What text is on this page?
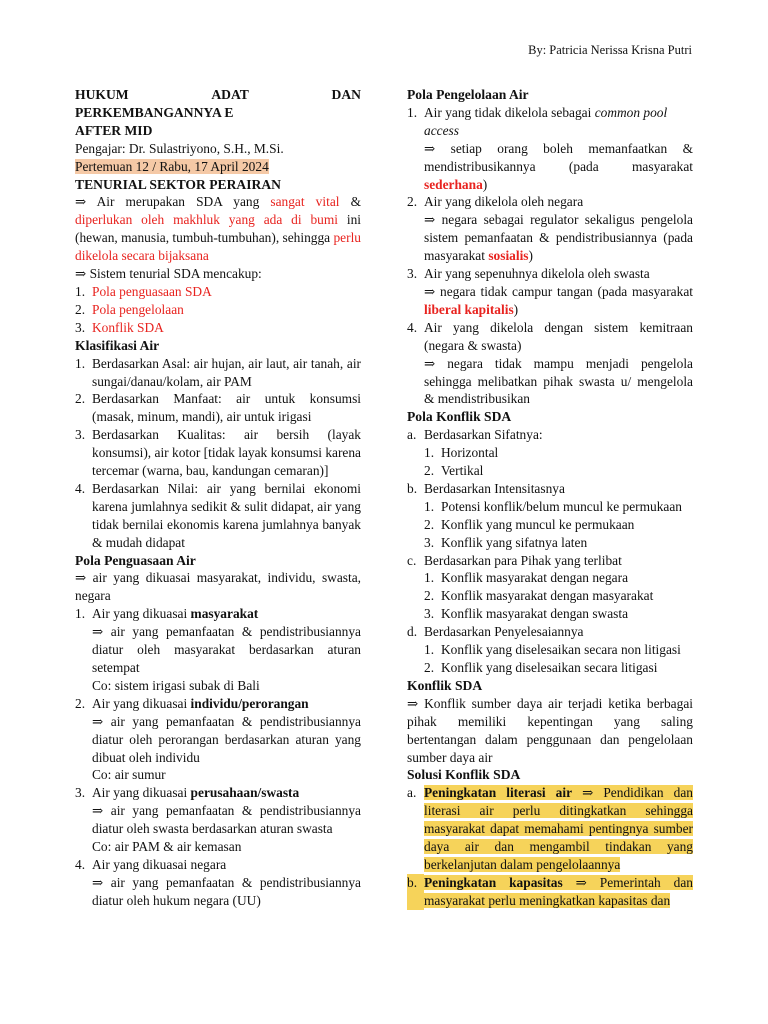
By: Patricia Nerissa Krisna Putri
HUKUM	ADAT	DAN
PERKEMBANGANNYA E
AFTER MID
Pengajar: Dr. Sulastriyono, S.H., M.Si.
Pertemuan 12 / Rabu, 17 April 2024
TENURIAL SEKTOR PERAIRAN
⇒ Air merupakan SDA yang sangat vital & diperlukan oleh makhluk yang ada di bumi ini (hewan, manusia, tumbuh-tumbuhan), sehingga perlu dikelola secara bijaksana
⇒ Sistem tenurial SDA mencakup:
1. Pola penguasaan SDA
2. Pola pengelolaan
3. Konflik SDA
Klasifikasi Air
1. Berdasarkan Asal: air hujan, air laut, air tanah, air sungai/danau/kolam, air PAM
2. Berdasarkan Manfaat: air untuk konsumsi (masak, minum, mandi), air untuk irigasi
3. Berdasarkan Kualitas: air bersih (layak konsumsi), air kotor [tidak layak konsumsi karena tercemar (warna, bau, kandungan cemaran)]
4. Berdasarkan Nilai: air yang bernilai ekonomi karena jumlahnya sedikit & sulit didapat, air yang tidak bernilai ekonomis karena jumlahnya banyak & mudah didapat
Pola Penguasaan Air
⇒ air yang dikuasai masyarakat, individu, swasta, negara
1. Air yang dikuasai masyarakat
⇒ air yang pemanfaatan & pendistribusiannya diatur oleh masyarakat berdasarkan aturan setempat
Co: sistem irigasi subak di Bali
2. Air yang dikuasai individu/perorangan
⇒ air yang pemanfaatan & pendistribusiannya diatur oleh perorangan berdasarkan aturan yang dibuat oleh individu
Co: air sumur
3. Air yang dikuasai perusahaan/swasta
⇒ air yang pemanfaatan & pendistribusiannya diatur oleh swasta berdasarkan aturan swasta
Co: air PAM & air kemasan
4. Air yang dikuasai negara
⇒ air yang pemanfaatan & pendistribusiannya diatur oleh hukum negara (UU)
Pola Pengelolaan Air
1. Air yang tidak dikelola sebagai common pool access
⇒ setiap orang boleh memanfaatkan & mendistribusikannya (pada masyarakat sederhana)
2. Air yang dikelola oleh negara
⇒ negara sebagai regulator sekaligus pengelola sistem pemanfaatan & pendistribusiannya (pada masyarakat sosialis)
3. Air yang sepenuhnya dikelola oleh swasta
⇒ negara tidak campur tangan (pada masyarakat liberal kapitalis)
4. Air yang dikelola dengan sistem kemitraan (negara & swasta)
⇒ negara tidak mampu menjadi pengelola sehingga melibatkan pihak swasta u/ mengelola & mendistribusikan
Pola Konflik SDA
a. Berdasarkan Sifatnya:
1. Horizontal
2. Vertikal
b. Berdasarkan Intensitasnya
1. Potensi konflik/belum muncul ke permukaan
2. Konflik yang muncul ke permukaan
3. Konflik yang sifatnya laten
c. Berdasarkan para Pihak yang terlibat
1. Konflik masyarakat dengan negara
2. Konflik masyarakat dengan masyarakat
3. Konflik masyarakat dengan swasta
d. Berdasarkan Penyelesaiannya
1. Konflik yang diselesaikan secara non litigasi
2. Konflik yang diselesaikan secara litigasi
Konflik SDA
⇒ Konflik sumber daya air terjadi ketika berbagai pihak memiliki kepentingan yang saling bertentangan dalam penggunaan dan pengelolaan sumber daya air
Solusi Konflik SDA
a. Peningkatan literasi air ⇒ Pendidikan dan literasi air perlu ditingkatkan sehingga masyarakat dapat memahami pentingnya sumber daya air dan mengambil tindakan yang berkelanjutan dalam pengelolaannya
b. Peningkatan kapasitas ⇒ Pemerintah dan masyarakat perlu meningkatkan kapasitas dan
